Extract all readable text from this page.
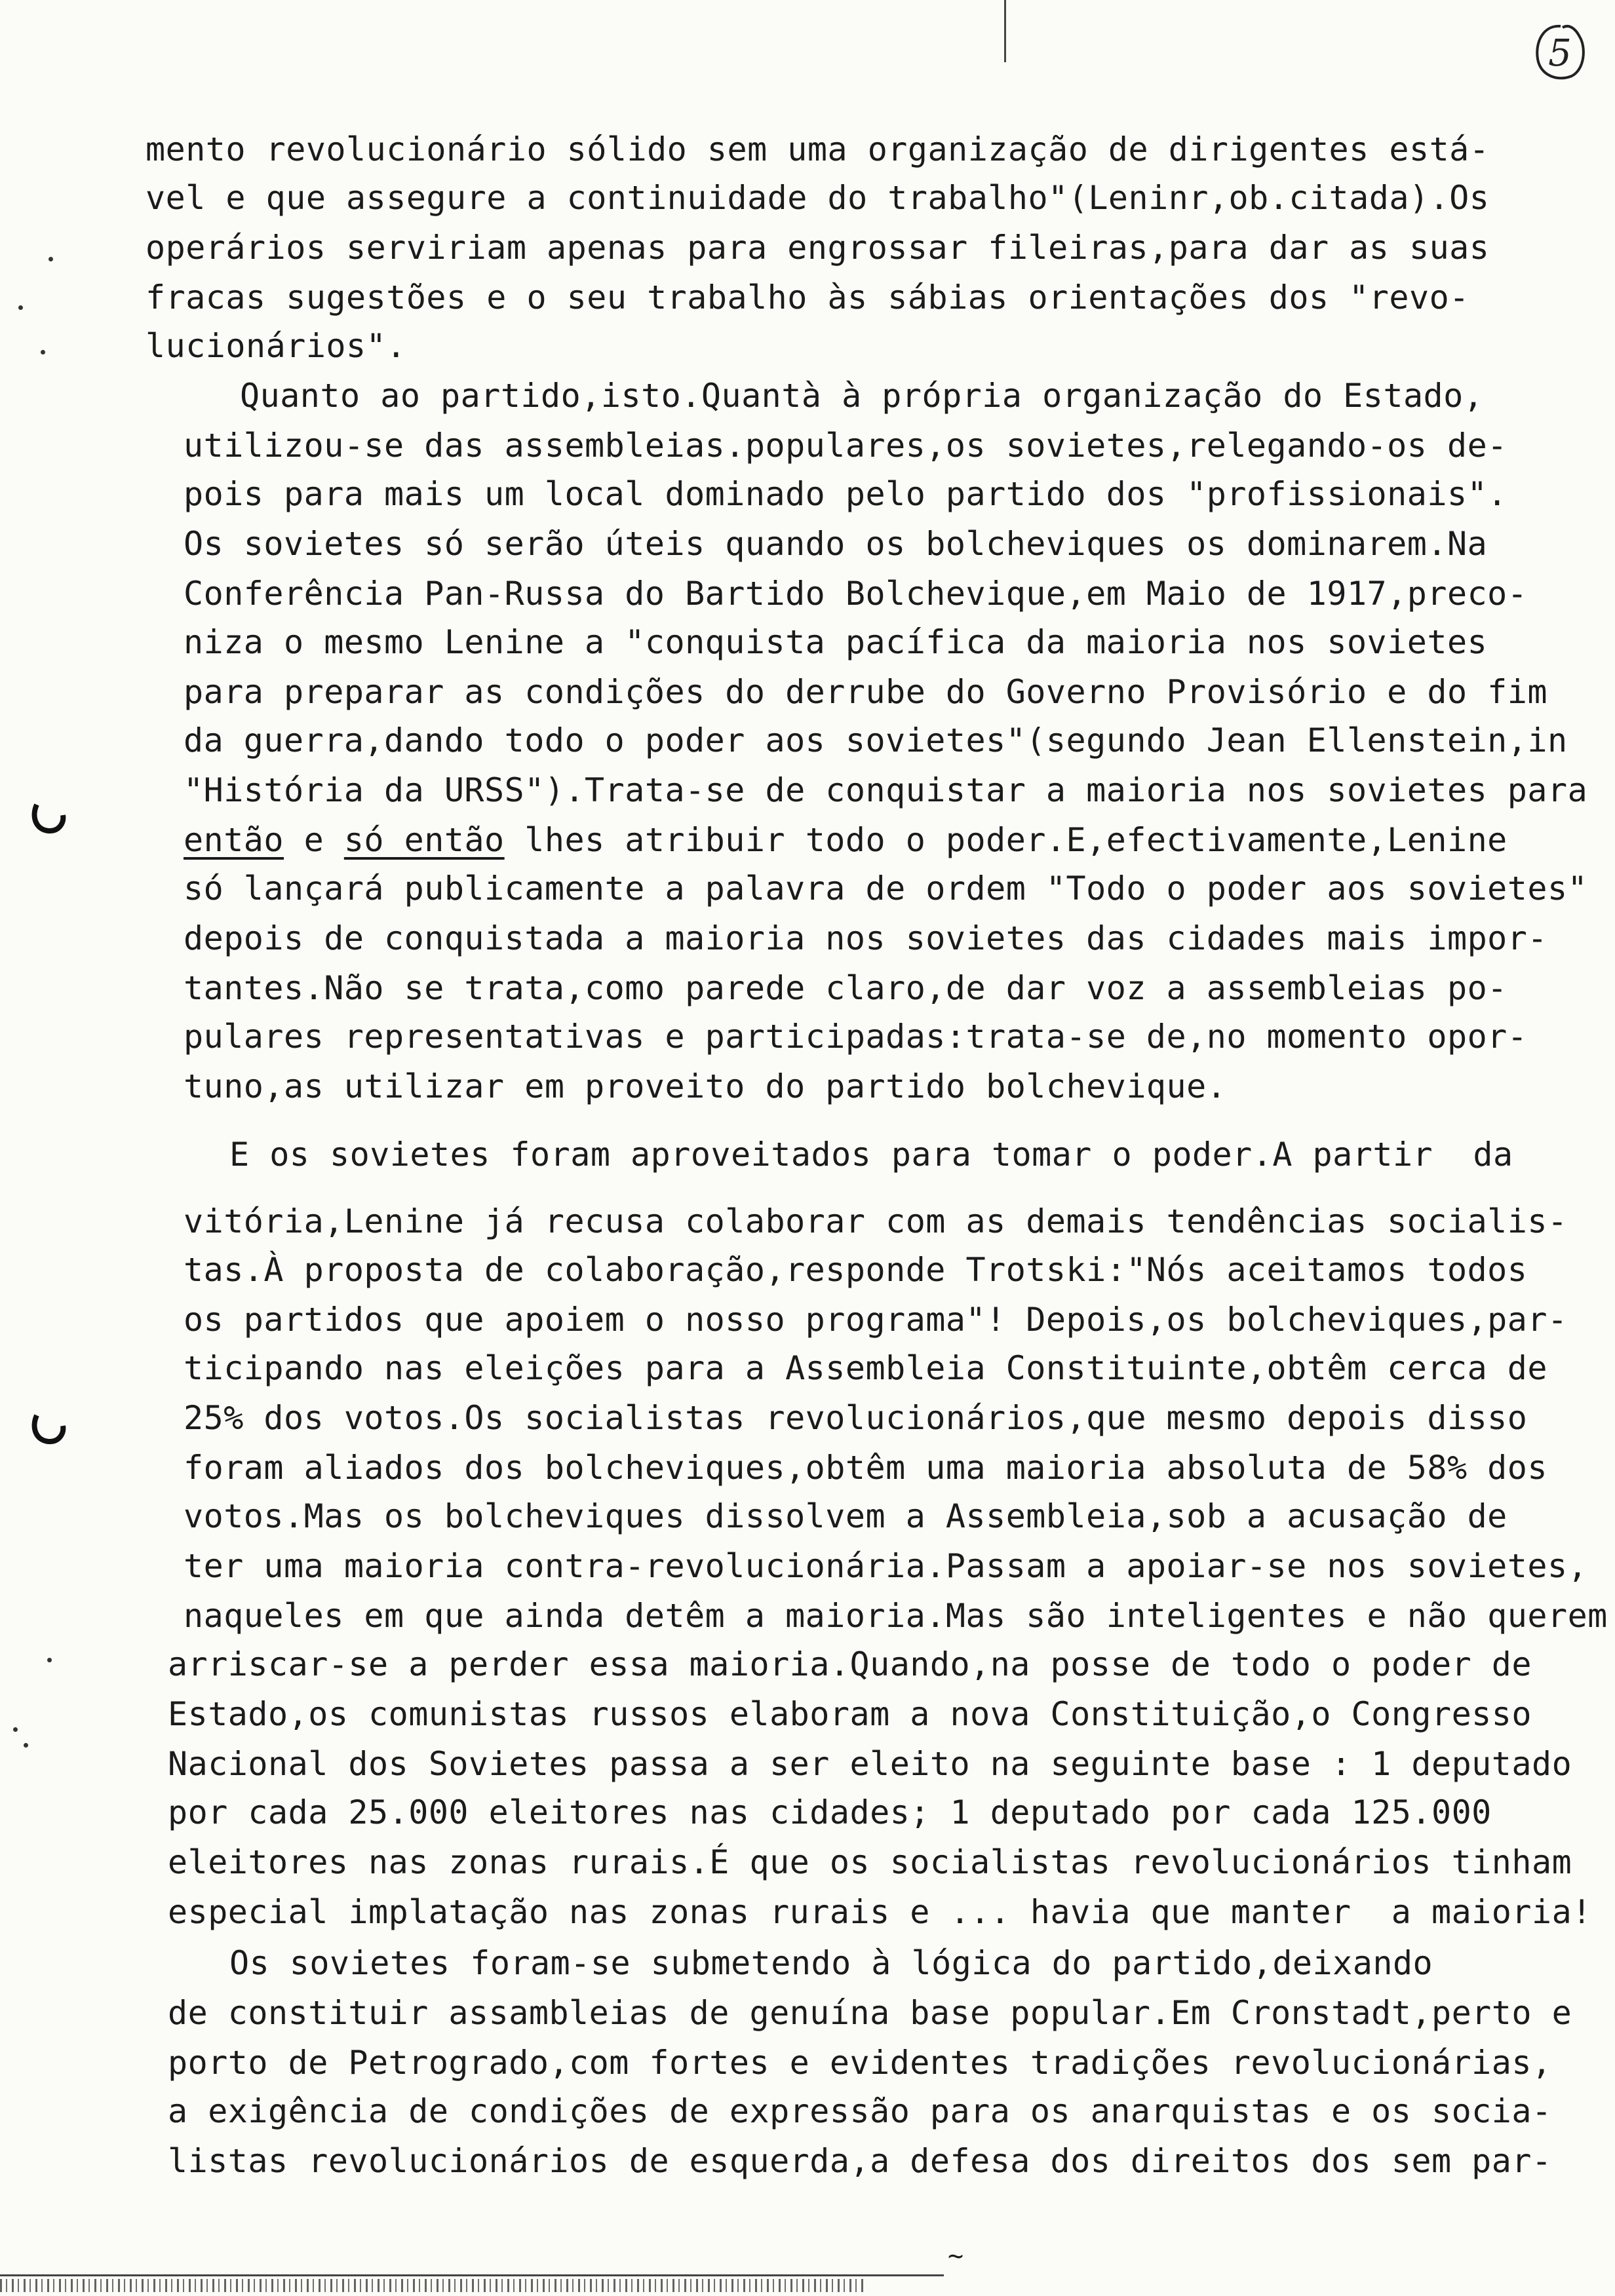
5
mento revolucionário sólido sem uma organização de dirigentes está-
vel e que assegure a continuidade do trabalho"(Leninr,ob.citada).Os
operários serviriam apenas para engrossar fileiras,para dar as suas
fracas sugestões e o seu trabalho às sábias orientações dos "revo-
lucionários".
Quanto ao partido,isto.Quantà à própria organização do Estado,
utilizou-se das assembleias.populares,os sovietes,relegando-os de-
pois para mais um local dominado pelo partido dos "profissionais".
Os sovietes só serão úteis quando os bolcheviques os dominarem.Na
Conferência Pan-Russa do Bartido Bolchevique,em Maio de 1917,preco-
niza o mesmo Lenine a "conquista pacífica da maioria nos sovietes
para preparar as condições do derrube do Governo Provisório e do fim
da guerra,dando todo o poder aos sovietes"(segundo Jean Ellenstein,in
"História da URSS").Trata-se de conquistar a maioria nos sovietes para
então e só então lhes atribuir todo o poder.E,efectivamente,Lenine
só lançará publicamente a palavra de ordem "Todo o poder aos sovietes"
depois de conquistada a maioria nos sovietes das cidades mais impor-
tantes.Não se trata,como parede claro,de dar voz a assembleias po-
pulares representativas e participadas:trata-se de,no momento opor-
tuno,as utilizar em proveito do partido bolchevique.
E os sovietes foram aproveitados para tomar o poder.A partir  da
vitória,Lenine já recusa colaborar com as demais tendências socialis-
tas.À proposta de colaboração,responde Trotski:"Nós aceitamos todos
os partidos que apoiem o nosso programa"! Depois,os bolcheviques,par-
ticipando nas eleições para a Assembleia Constituinte,obtêm cerca de
25% dos votos.Os socialistas revolucionários,que mesmo depois disso
foram aliados dos bolcheviques,obtêm uma maioria absoluta de 58% dos
votos.Mas os bolcheviques dissolvem a Assembleia,sob a acusação de
ter uma maioria contra-revolucionária.Passam a apoiar-se nos sovietes,
naqueles em que ainda detêm a maioria.Mas são inteligentes e não querem
arriscar-se a perder essa maioria.Quando,na posse de todo o poder de
Estado,os comunistas russos elaboram a nova Constituição,o Congresso
Nacional dos Sovietes passa a ser eleito na seguinte base : 1 deputado
por cada 25.000 eleitores nas cidades; 1 deputado por cada 125.000
eleitores nas zonas rurais.É que os socialistas revolucionários tinham
especial implatação nas zonas rurais e ... havia que manter  a maioria!
Os sovietes foram-se submetendo à lógica do partido,deixando
de constituir assambleias de genuína base popular.Em Cronstadt,perto e
porto de Petrogrado,com fortes e evidentes tradições revolucionárias,
a exigência de condições de expressão para os anarquistas e os socia-
listas revolucionários de esquerda,a defesa dos direitos dos sem par-
~
